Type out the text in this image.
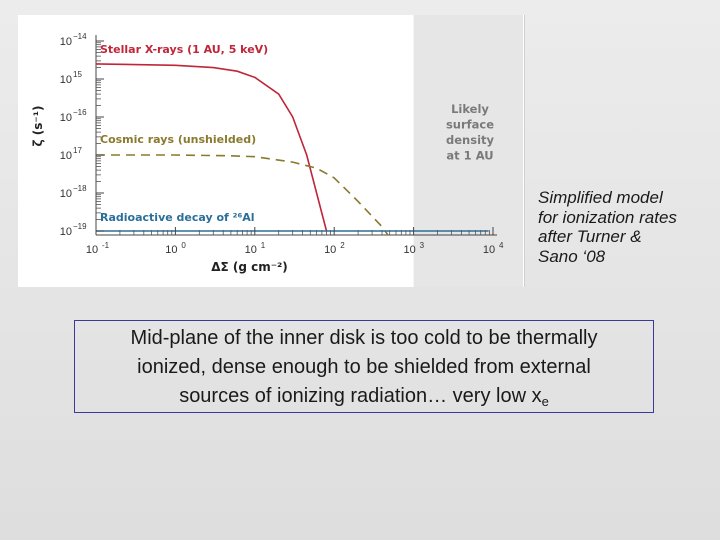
Likely
surface
density
at 1 AU
Stellar X-rays (1 AU, 5 keV)
Cosmic rays (unshielded)
Radioactive decay of ²⁶Al
10 −14
10 15
10 −16
10 17
10 −18
10 −19
10 -1	10 0	10 1	10 2	10 3	10 4
ΔΣ (g cm⁻²)
ζ (s⁻¹)
Simplified model
for ionization rates
after Turner &
Sano ‘08
Mid-plane of the inner disk is too cold to be thermally
ionized, dense enough to be shielded from external
sources of ionizing radiation… very low $x_e$
